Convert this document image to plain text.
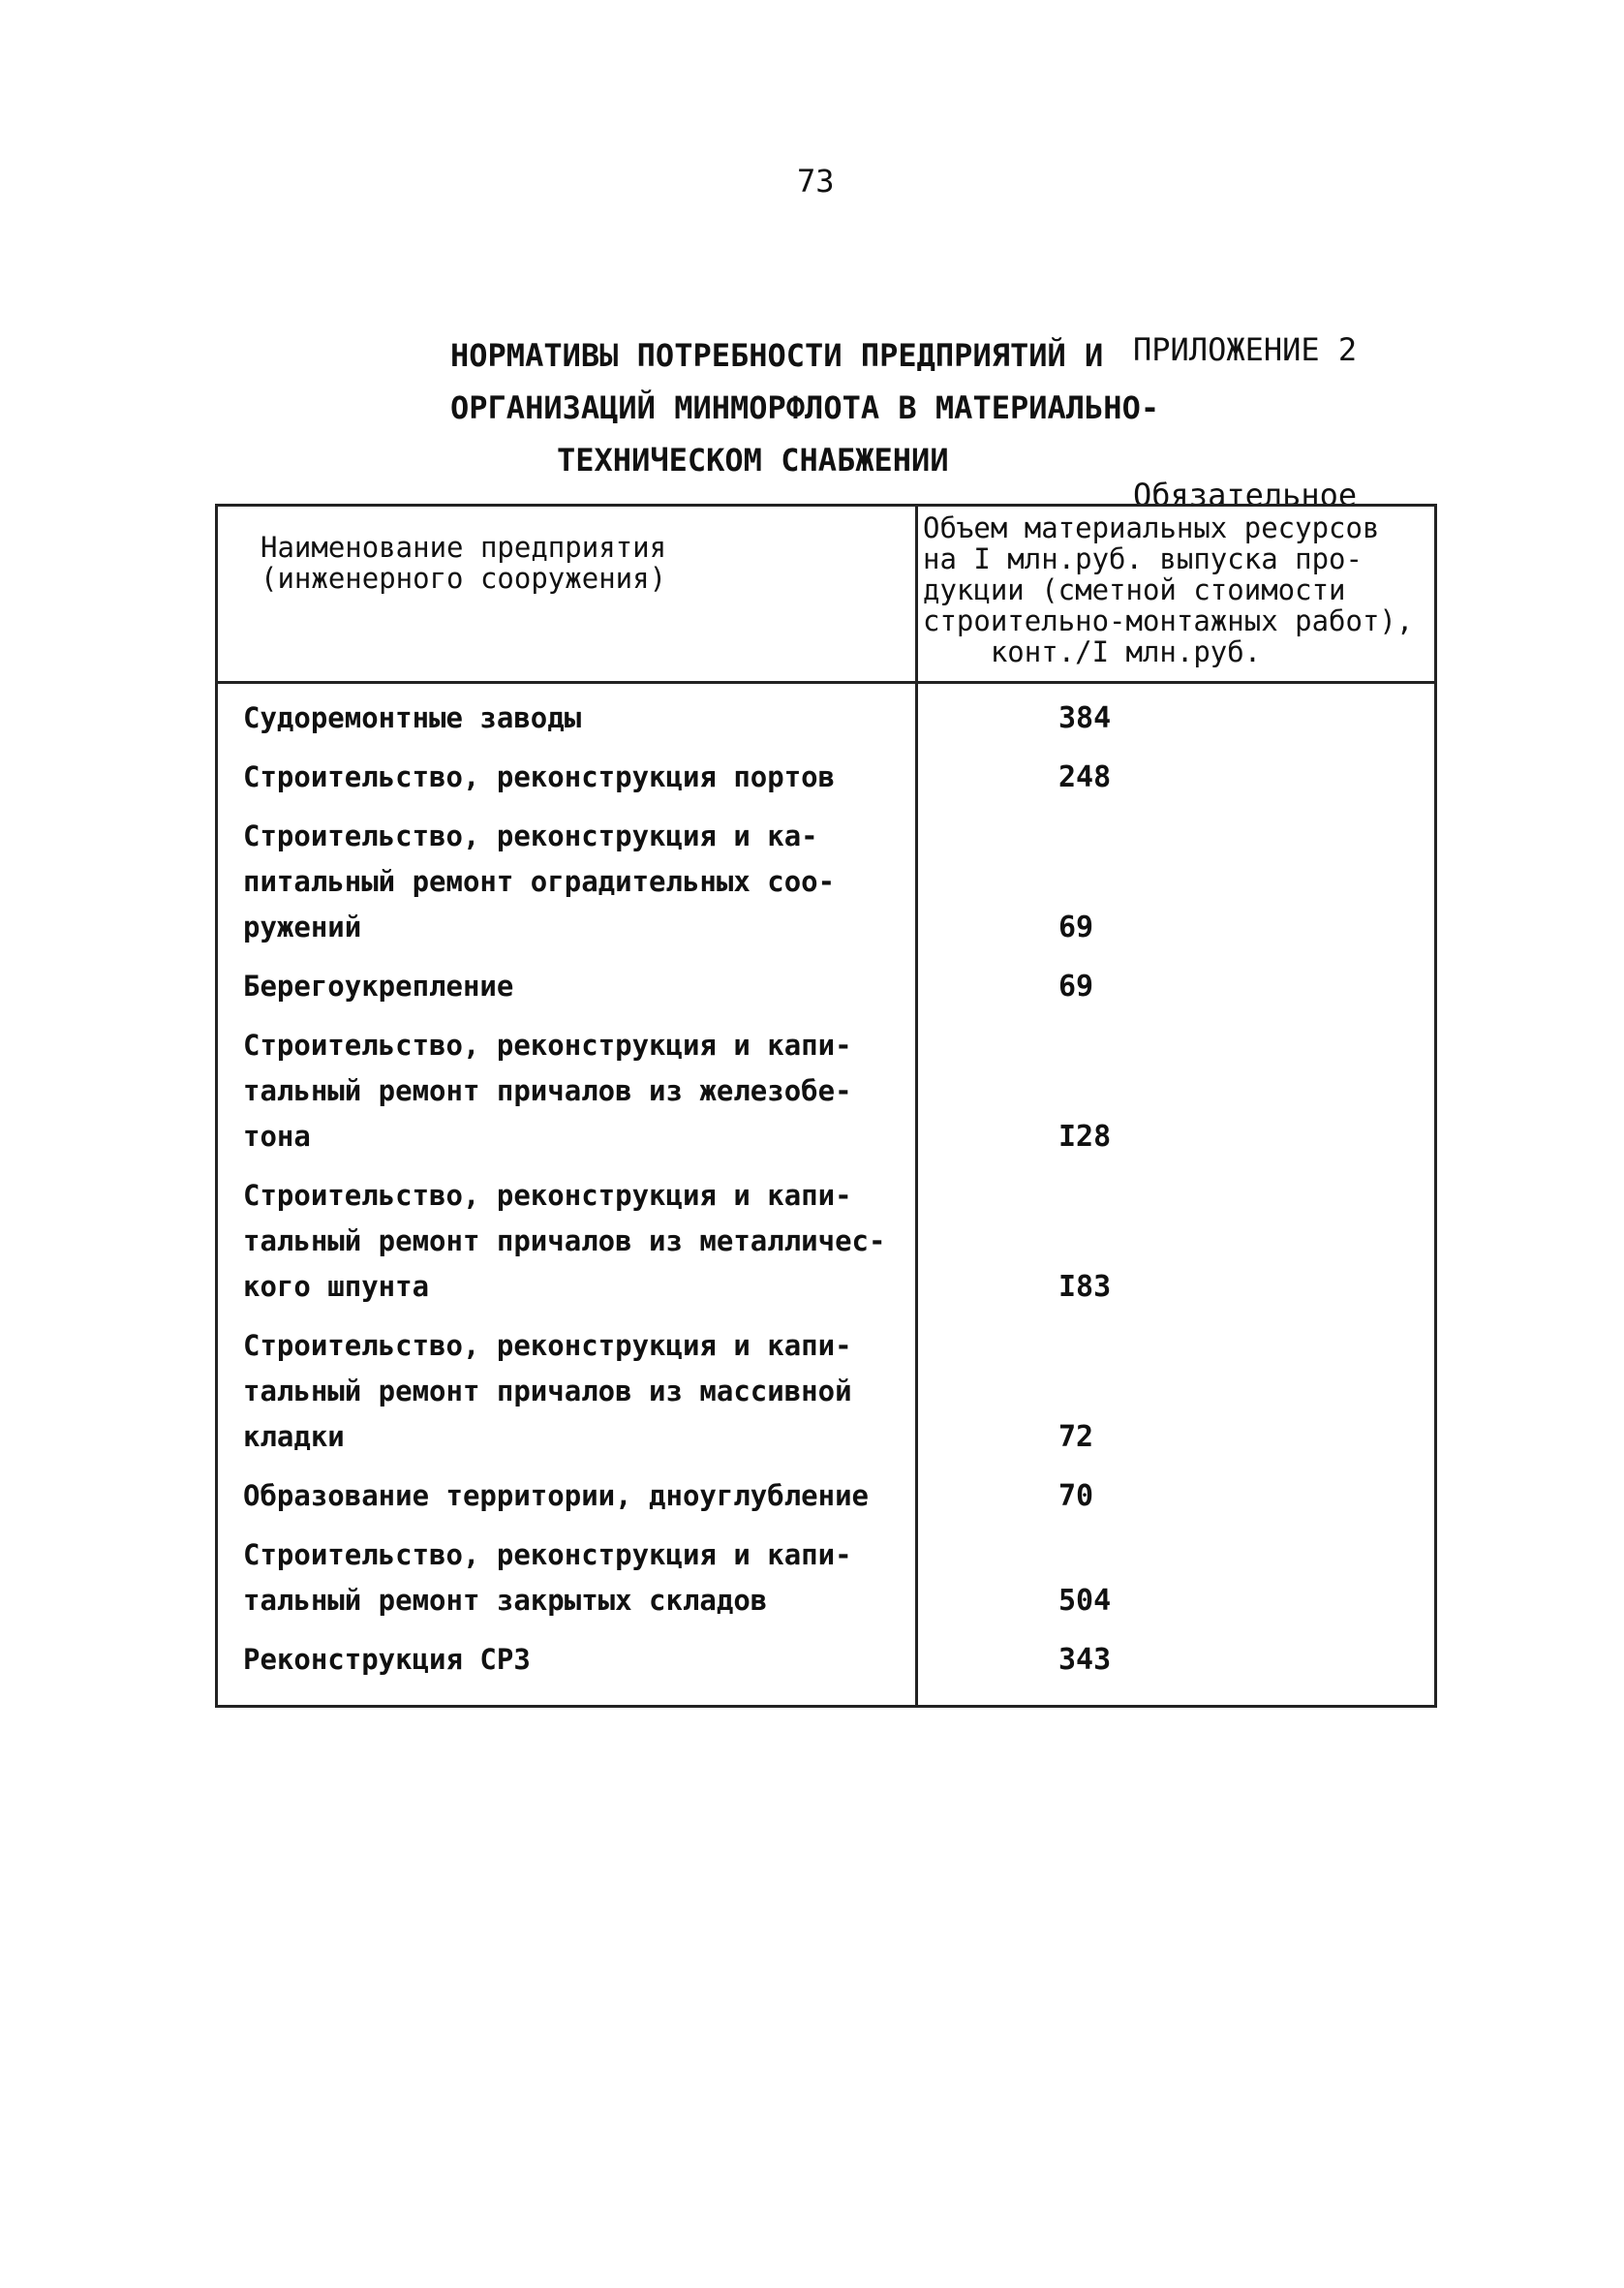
73

ПРИЛОЖЕНИЕ 2

Обязательное

НОРМАТИВЫ ПОТРЕБНОСТИ ПРЕДПРИЯТИЙ И
ОРГАНИЗАЦИЙ МИНМОРФЛОТА В МАТЕРИАЛЬНО-
ТЕХНИЧЕСКОМ СНАБЖЕНИИ
Наименование предприятия
(инженерного сооружения)
Объем материальных ресурсов
на I млн.руб. выпуска про-
дукции (сметной стоимости
строительно-монтажных работ),
конт./I млн.руб.
Судоремонтные заводы	384
Строительство, реконструкция портов	248
Строительство, реконструкция и ка-
питальный ремонт оградительных соо-
ружений	69
Берегоукрепление	69
Строительство, реконструкция и капи-
тальный ремонт причалов из железобе-
тона	I28
Строительство, реконструкция и капи-
тальный ремонт причалов из металличес-
кого шпунта	I83
Строительство, реконструкция и капи-
тальный ремонт причалов из массивной
кладки	72
Образование территории, дноуглубление	70
Строительство, реконструкция и капи-
тальный ремонт закрытых складов	504
Реконструкция СРЗ	343
